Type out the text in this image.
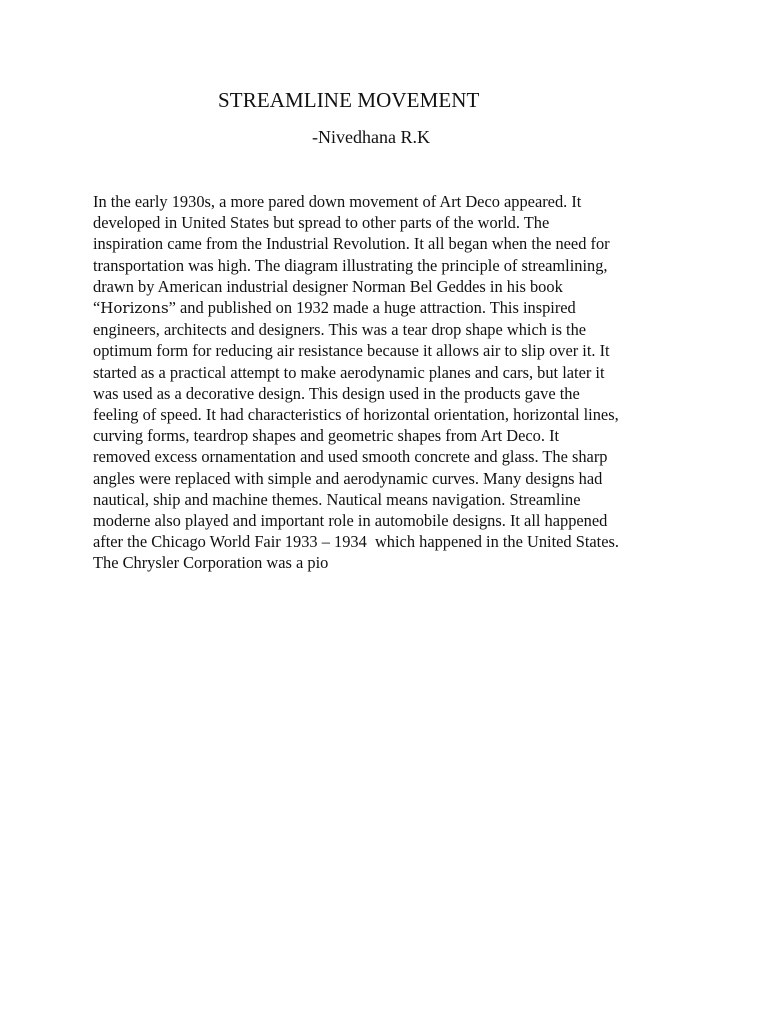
STREAMLINE MOVEMENT
-Nivedhana R.K
In the early 1930s, a more pared down movement of Art Deco appeared. It
developed in United States but spread to other parts of the world. The
inspiration came from the Industrial Revolution. It all began when the need for
transportation was high. The diagram illustrating the principle of streamlining,
drawn by American industrial designer Norman Bel Geddes in his book
“Horizons” and published on 1932 made a huge attraction. This inspired
engineers, architects and designers. This was a tear drop shape which is the
optimum form for reducing air resistance because it allows air to slip over it. It
started as a practical attempt to make aerodynamic planes and cars, but later it
was used as a decorative design. This design used in the products gave the
feeling of speed. It had characteristics of horizontal orientation, horizontal lines,
curving forms, teardrop shapes and geometric shapes from Art Deco. It
removed excess ornamentation and used smooth concrete and glass. The sharp
angles were replaced with simple and aerodynamic curves. Many designs had
nautical, ship and machine themes. Nautical means navigation. Streamline
moderne also played and important role in automobile designs. It all happened
after the Chicago World Fair 1933 – 1934  which happened in the United States.
The Chrysler Corporation was a pio
